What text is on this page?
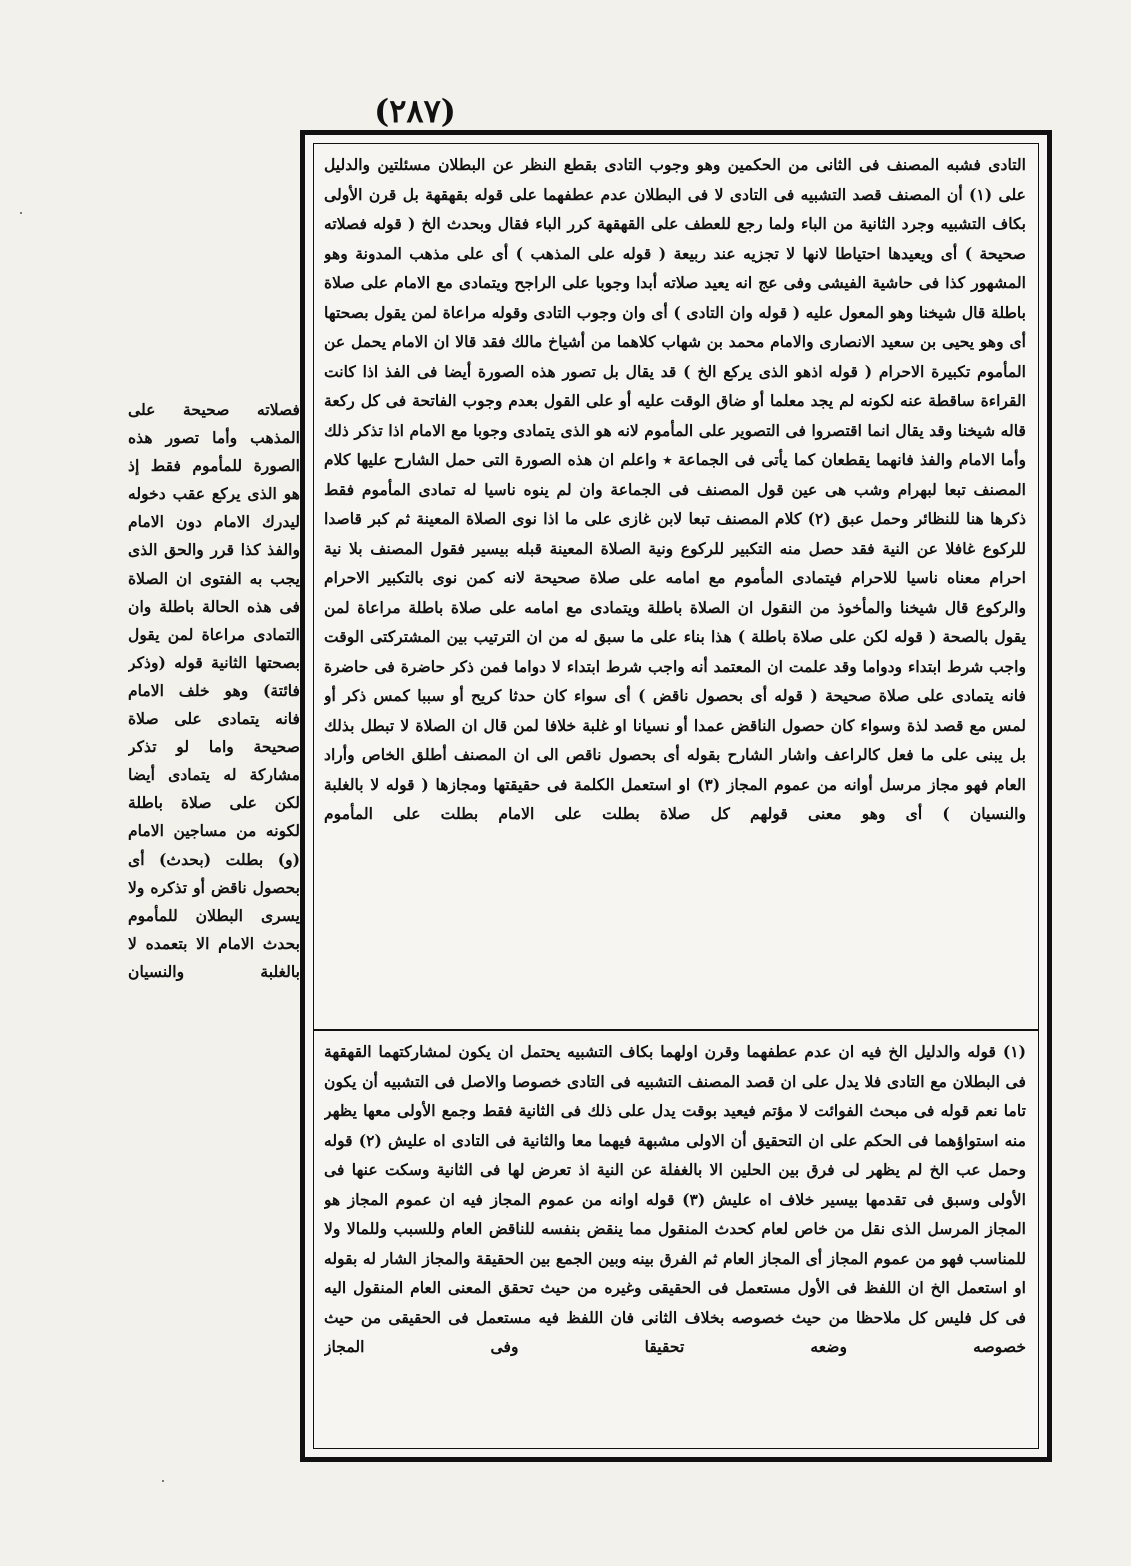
(٢٨٧)

التادى فشبه المصنف فى الثانى من الحكمين وهو وجوب التادى بقطع النظر عن البطلان مسئلتين والدليل على (١) أن المصنف قصد التشبيه فى التادى لا فى البطلان عدم عطفهما على قوله بقهقهة بل قرن الأولى بكاف التشبيه وجرد الثانية من الباء ولما رجع للعطف على القهقهة كرر الباء فقال وبحدث الخ ( قوله فصلاته صحيحة ) أى ويعيدها احتياطا لانها لا تجزيه عند ربيعة ( قوله على المذهب ) أى على مذهب المدونة وهو المشهور كذا فى حاشية الفيشى وفى عج انه يعيد صلاته أبدا وجوبا على الراجح ويتمادى مع الامام على صلاة باطلة قال شيخنا وهو المعول عليه ( قوله وان التادى ) أى وان وجوب التادى وقوله مراعاة لمن يقول بصحتها أى وهو يحيى بن سعيد الانصارى والامام محمد بن شهاب كلاهما من أشياخ مالك فقد قالا ان الامام يحمل عن المأموم تكبيرة الاحرام ( قوله اذهو الذى يركع الخ ) قد يقال بل تصور هذه الصورة أيضا فى الفذ اذا كانت القراءة ساقطة عنه لكونه لم يجد معلما أو ضاق الوقت عليه أو على القول بعدم وجوب الفاتحة فى كل ركعة قاله شيخنا وقد يقال انما اقتصروا فى التصوير على المأموم لانه هو الذى يتمادى وجوبا مع الامام اذا تذكر ذلك وأما الامام والفذ فانهما يقطعان كما يأتى فى الجماعة ٭ واعلم ان هذه الصورة التى حمل الشارح عليها كلام المصنف تبعا لبهرام وشب هى عين قول المصنف فى الجماعة وان لم ينوه ناسيا له تمادى المأموم فقط ذكرها هنا للنظائر وحمل عبق (٢) كلام المصنف تبعا لابن غازى على ما اذا نوى الصلاة المعينة ثم كبر قاصدا للركوع غافلا عن النية فقد حصل منه التكبير للركوع ونية الصلاة المعينة قبله بيسير فقول المصنف بلا نية احرام معناه ناسيا للاحرام فيتمادى المأموم مع امامه على صلاة صحيحة لانه كمن نوى بالتكبير الاحرام والركوع قال شيخنا والمأخوذ من النقول ان الصلاة باطلة ويتمادى مع امامه على صلاة باطلة مراعاة لمن يقول بالصحة ( قوله لكن على صلاة باطلة ) هذا بناء على ما سبق له من ان الترتيب بين المشتركتى الوقت واجب شرط ابتداء ودواما وقد علمت ان المعتمد أنه واجب شرط ابتداء لا دواما فمن ذكر حاضرة فى حاضرة فانه يتمادى على صلاة صحيحة ( قوله أى بحصول ناقض ) أى سواء كان حدثا كريح أو سببا كمس ذكر أو لمس مع قصد لذة وسواء كان حصول الناقض عمدا أو نسيانا او غلبة خلافا لمن قال ان الصلاة لا تبطل بذلك بل يبنى على ما فعل كالراعف واشار الشارح بقوله أى بحصول ناقص الى ان المصنف أطلق الخاص وأراد العام فهو مجاز مرسل أوانه من عموم المجاز (٣) او استعمل الكلمة فى حقيقتها ومجازها ( قوله لا بالغلبة والنسيان ) أى وهو معنى قولهم كل صلاة بطلت على الامام بطلت على المأموم

(١) قوله والدليل الخ فيه ان عدم عطفهما وقرن اولهما بكاف التشبيه يحتمل ان يكون لمشاركتهما القهقهة فى البطلان مع التادى فلا يدل على ان قصد المصنف التشبيه فى التادى خصوصا والاصل فى التشبيه أن يكون تاما نعم قوله فى مبحث الفوائت لا مؤتم فيعيد بوقت يدل على ذلك فى الثانية فقط وجمع الأولى معها يظهر منه استواؤهما فى الحكم على ان التحقيق أن الاولى مشبهة فيهما معا والثانية فى التادى اه عليش (٢) قوله وحمل عب الخ لم يظهر لى فرق بين الحلين الا بالغفلة عن النية اذ تعرض لها فى الثانية وسكت عنها فى الأولى وسبق فى تقدمها بيسير خلاف اه عليش (٣) قوله اوانه من عموم المجاز فيه ان عموم المجاز هو المجاز المرسل الذى نقل من خاص لعام كحدث المنقول مما ينقض بنفسه للناقض العام وللسبب وللمالا ولا للمناسب فهو من عموم المجاز أى المجاز العام ثم الفرق بينه وبين الجمع بين الحقيقة والمجاز الشار له بقوله او استعمل الخ ان اللفظ فى الأول مستعمل فى الحقيقى وغيره من حيث تحقق المعنى العام المنقول اليه فى كل فليس كل ملاحظا من حيث خصوصه بخلاف الثانى فان اللفظ فيه مستعمل فى الحقيقى من حيث خصوصه وضعه تحقيقا وفى المجاز

فصلاته صحيحة على المذهب وأما تصور هذه الصورة للمأموم فقط إذ هو الذى يركع عقب دخوله ليدرك الامام دون الامام والفذ كذا قرر والحق الذى يجب به الفتوى ان الصلاة فى هذه الحالة باطلة وان التمادى مراعاة لمن يقول بصحتها الثانية قوله (وذكر فائتة) وهو خلف الامام فانه يتمادى على صلاة صحيحة واما لو تذكر مشاركة له يتمادى أيضا لكن على صلاة باطلة لكونه من مساجين الامام (و) بطلت (بحدث) أى بحصول ناقض أو تذكره ولا يسرى البطلان للمأموم بحدث الامام الا بتعمده لا بالغلبة والنسيان
